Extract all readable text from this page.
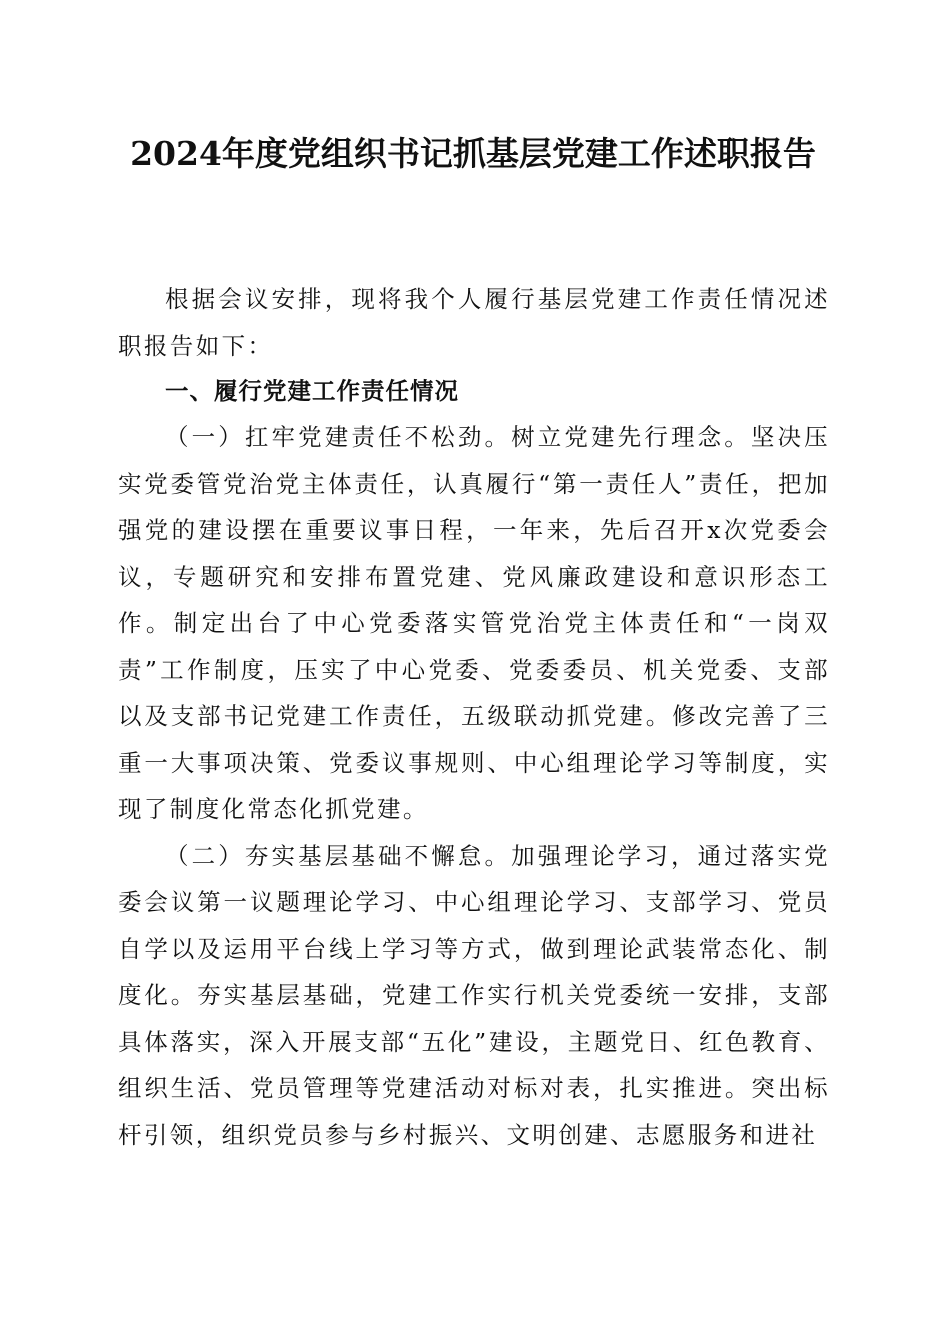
2024年度党组织书记抓基层党建工作述职报告

根据会议安排，现将我个人履行基层党建工作责任情况述职报告如下：

一、履行党建工作责任情况

（一）扛牢党建责任不松劲。树立党建先行理念。坚决压实党委管党治党主体责任，认真履行“第一责任人”责任，把加强党的建设摆在重要议事日程，一年来，先后召开x次党委会议，专题研究和安排布置党建、党风廉政建设和意识形态工作。制定出台了中心党委落实管党治党主体责任和“一岗双责”工作制度，压实了中心党委、党委委员、机关党委、支部以及支部书记党建工作责任，五级联动抓党建。修改完善了三重一大事项决策、党委议事规则、中心组理论学习等制度，实现了制度化常态化抓党建。

（二）夯实基层基础不懈怠。加强理论学习，通过落实党委会议第一议题理论学习、中心组理论学习、支部学习、党员自学以及运用平台线上学习等方式，做到理论武装常态化、制度化。夯实基层基础，党建工作实行机关党委统一安排，支部具体落实，深入开展支部“五化”建设，主题党日、红色教育、组织生活、党员管理等党建活动对标对表，扎实推进。突出标杆引领，组织党员参与乡村振兴、文明创建、志愿服务和进社
